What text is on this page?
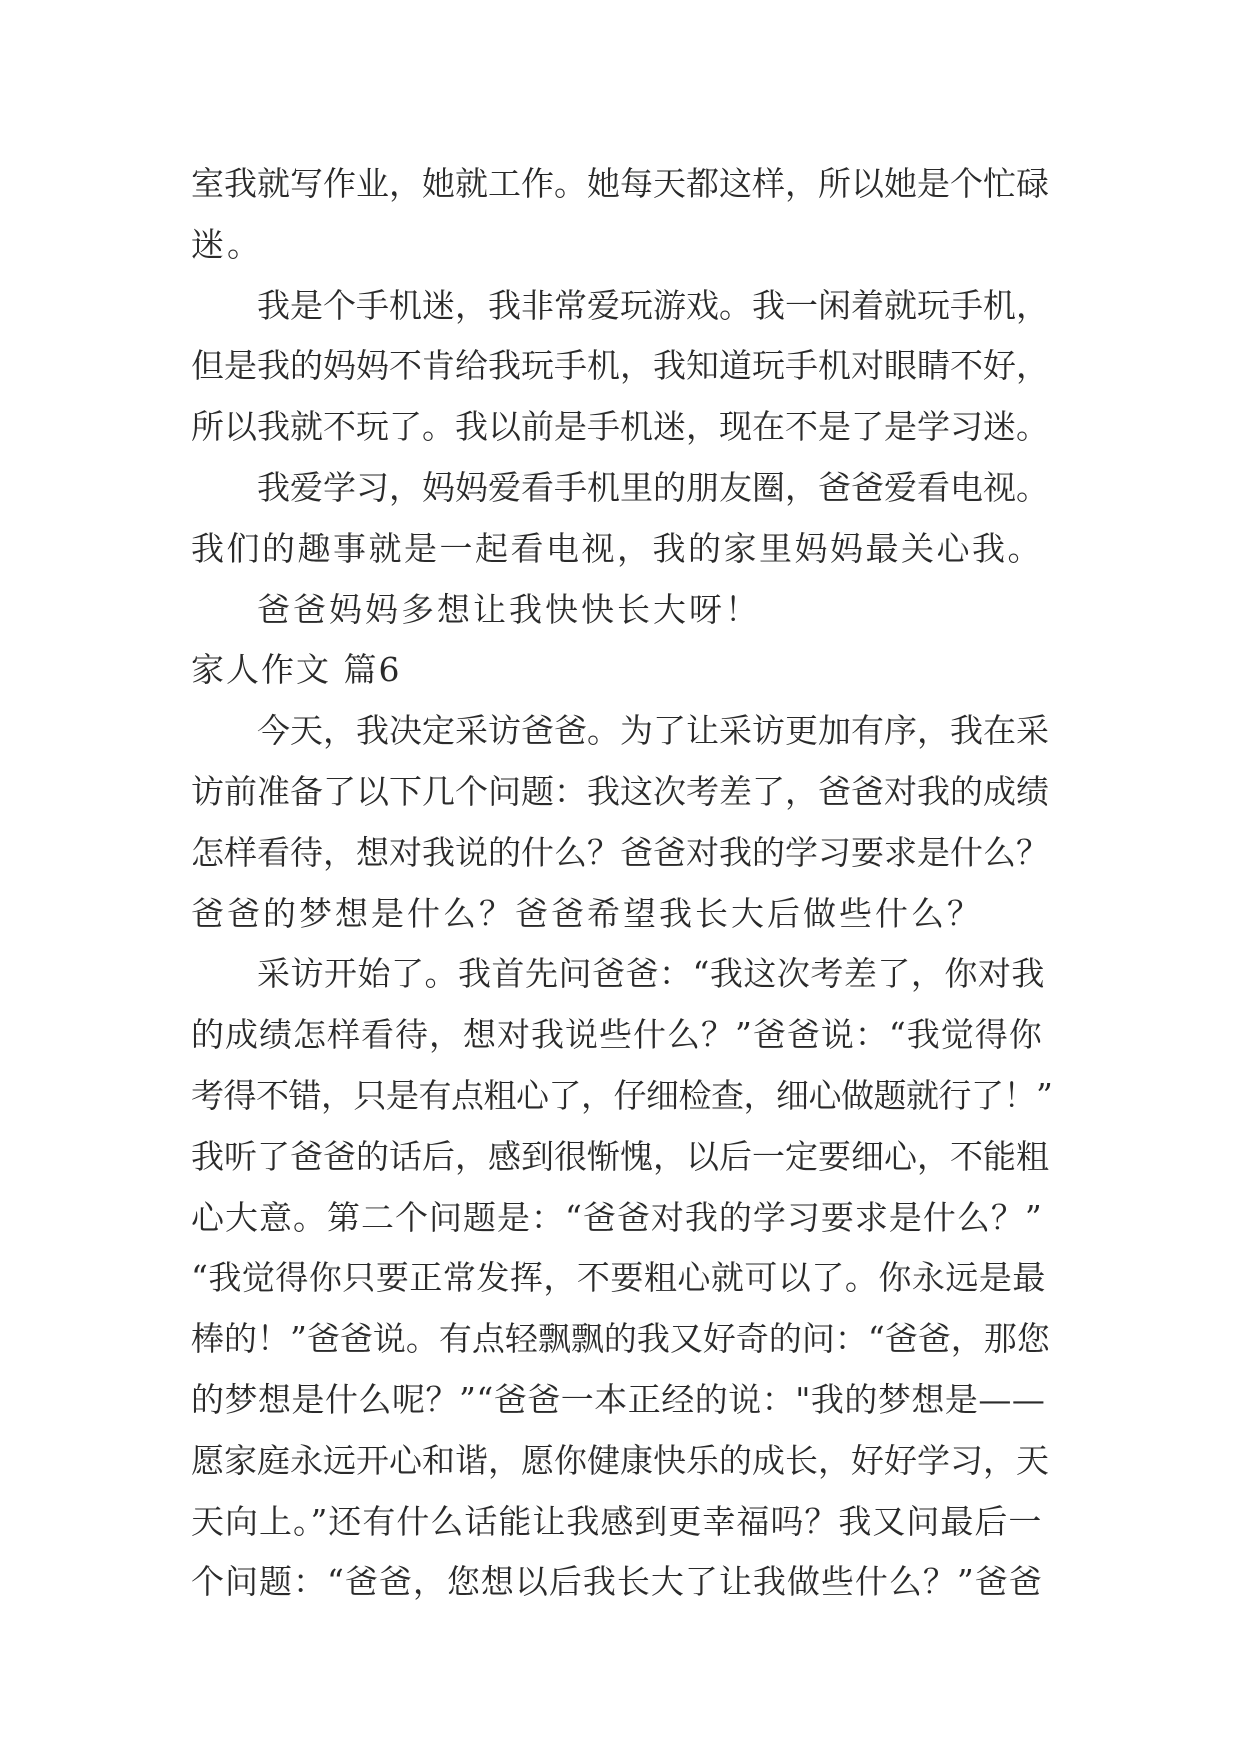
室我就写作业，她就工作。她每天都这样，所以她是个忙碌
迷。
我是个手机迷，我非常爱玩游戏。我一闲着就玩手机，
但是我的妈妈不肯给我玩手机，我知道玩手机对眼睛不好，
所以我就不玩了。我以前是手机迷，现在不是了是学习迷。
我爱学习，妈妈爱看手机里的朋友圈，爸爸爱看电视。
我们的趣事就是一起看电视，我的家里妈妈最关心我。
爸爸妈妈多想让我快快长大呀！
家人作文 篇6
今天，我决定采访爸爸。为了让采访更加有序，我在采
访前准备了以下几个问题：我这次考差了，爸爸对我的成绩
怎样看待，想对我说的什么？爸爸对我的学习要求是什么？
爸爸的梦想是什么？爸爸希望我长大后做些什么？
采访开始了。我首先问爸爸：“我这次考差了，你对我
的成绩怎样看待，想对我说些什么？”爸爸说：“我觉得你
考得不错，只是有点粗心了，仔细检查，细心做题就行了！”
我听了爸爸的话后，感到很惭愧，以后一定要细心，不能粗
心大意。第二个问题是：“爸爸对我的学习要求是什么？”
“我觉得你只要正常发挥，不要粗心就可以了。你永远是最
棒的！”爸爸说。有点轻飘飘的我又好奇的问：“爸爸，那您
的梦想是什么呢？”“爸爸一本正经的说："我的梦想是——
愿家庭永远开心和谐，愿你健康快乐的成长，好好学习，天
天向上。”还有什么话能让我感到更幸福吗？我又问最后一
个问题：“爸爸，您想以后我长大了让我做些什么？”爸爸
